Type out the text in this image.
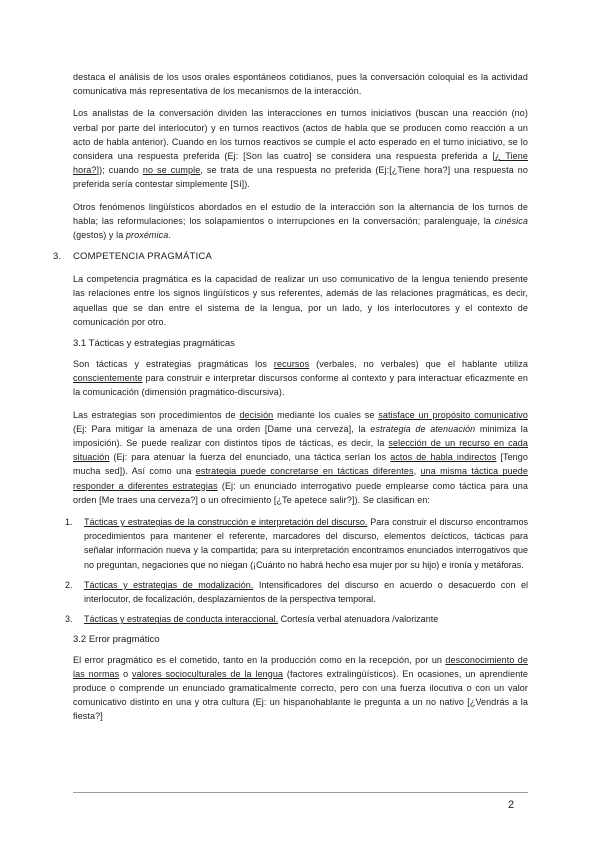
destaca el análisis de los usos orales espontáneos cotidianos, pues la conversación coloquial es la actividad comunicativa más representativa de los mecanismos de la interacción.

Los analistas de la conversación dividen las interacciones en turnos iniciativos (buscan una reacción (no) verbal por parte del interlocutor) y en turnos reactivos (actos de habla que se producen como reacción a un acto de habla anterior). Cuando en los turnos reactivos se cumple el acto esperado en el turno iniciativo, se lo considera una respuesta preferida (Ej: [Son las cuatro] se considera una respuesta preferida a [¿ Tiene hora?]); cuando no se cumple, se trata de una respuesta no preferida (Ej:[¿Tiene hora?] una respuesta no preferida sería contestar simplemente [Sí]).

Otros fenómenos lingüísticos abordados en el estudio de la interacción son la alternancia de los turnos de habla; las reformulaciones; los solapamientos o interrupciones en la conversación; paralenguaje, la cinésica (gestos) y la proxémica.

3. COMPETENCIA PRAGMÁTICA

La competencia pragmática es la capacidad de realizar un uso comunicativo de la lengua teniendo presente las relaciones entre los signos lingüísticos y sus referentes, además de las relaciones pragmáticas, es decir, aquellas que se dan entre el sistema de la lengua, por un lado, y los interlocutores y el contexto de comunicación por otro.

3.1 Tácticas y estrategias pragmáticas

Son tácticas y estrategias pragmáticas los recursos (verbales, no verbales) que el hablante utiliza conscientemente para construir e interpretar discursos conforme al contexto y para interactuar eficazmente en la comunicación (dimensión pragmático-discursiva).

Las estrategias son procedimientos de decisión mediante los cuales se satisface un propósito comunicativo (Ej: Para mitigar la amenaza de una orden [Dame una cerveza], la estrategia de atenuación minimiza la imposición). Se puede realizar con distintos tipos de tácticas, es decir, la selección de un recurso en cada situación (Ej: para atenuar la fuerza del enunciado, una táctica serían los actos de habla indirectos [Tengo mucha sed]). Así como una estrategia puede concretarse en tácticas diferentes, una misma táctica puede responder a diferentes estrategias (Ej: un enunciado interrogativo puede emplearse como táctica para una orden [Me traes una cerveza?] o un ofrecimiento [¿Te apetece salir?]). Se clasifican en:

1. Tácticas y estrategias de la construcción e interpretación del discurso. Para construir el discurso encontramos procedimientos para mantener el referente, marcadores del discurso, elementos deícticos, tácticas para señalar información nueva y la compartida; para su interpretación encontramos enunciados interrogativos que no preguntan, negaciones que no niegan (¡Cuánto no habrá hecho esa mujer por su hijo) e ironía y metáforas.
2. Tácticas y estrategias de modalización. Intensificadores del discurso en acuerdo o desacuerdo con el interlocutor, de focalización, desplazamientos de la perspectiva temporal.
3. Tácticas y estrategias de conducta interaccional. Cortesía verbal atenuadora /valorizante
3.2 Error pragmático

El error pragmático es el cometido, tanto en la producción como en la recepción, por un desconocimiento de las normas o valores socioculturales de la lengua (factores extralingüísticos). En ocasiones, un aprendiente produce o comprende un enunciado gramaticalmente correcto, pero con una fuerza ilocutiva o con un valor comunicativo distinto en una y otra cultura (Ej: un hispanohablante le pregunta a un no nativo [¿Vendrás a la fiesta?]

2
